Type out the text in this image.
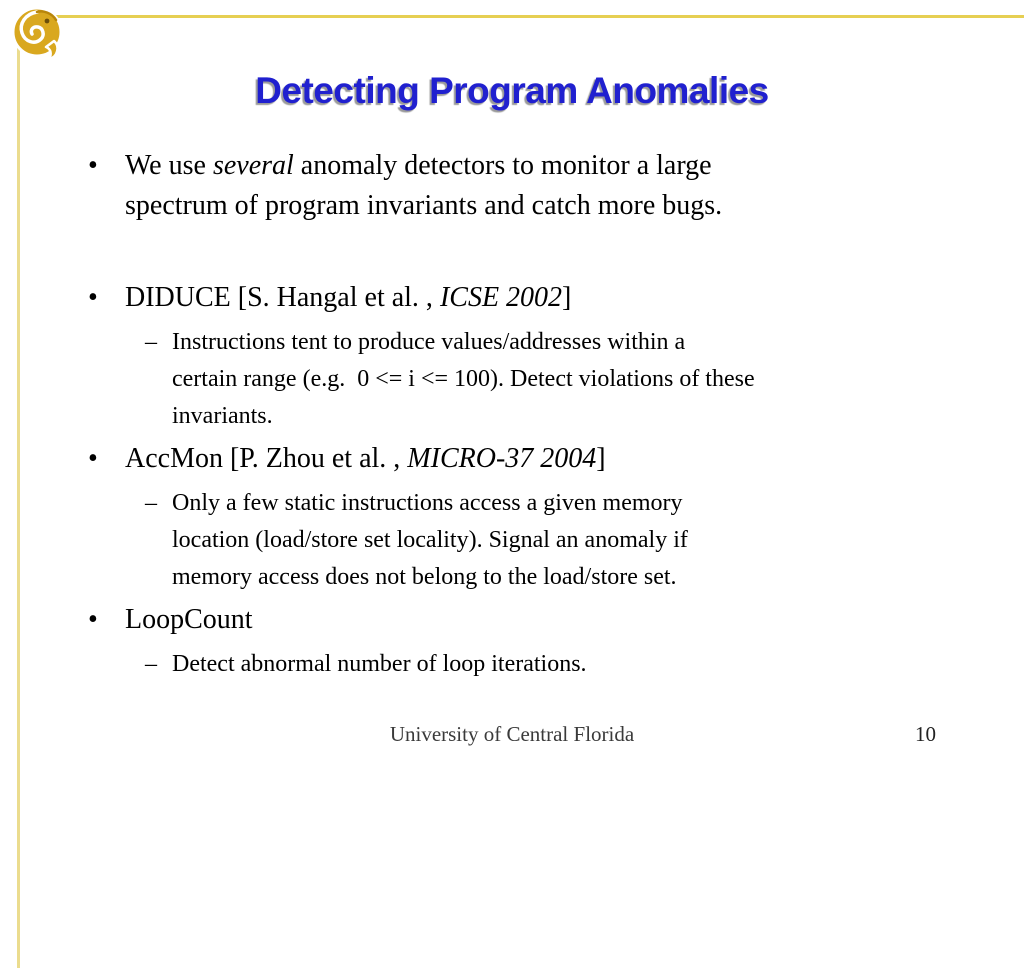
Detecting Program Anomalies
• We use several anomaly detectors to monitor a large
spectrum of program invariants and catch more bugs.
• DIDUCE [S. Hangal et al. , ICSE 2002]
– Instructions tent to produce values/addresses within a
certain range (e.g.  0 <= i <= 100). Detect violations of these
invariants.
• AccMon [P. Zhou et al. , MICRO-37 2004]
– Only a few static instructions access a given memory
location (load/store set locality). Signal an anomaly if
memory access does not belong to the load/store set.
• LoopCount
– Detect abnormal number of loop iterations.
University of Central Florida	10
